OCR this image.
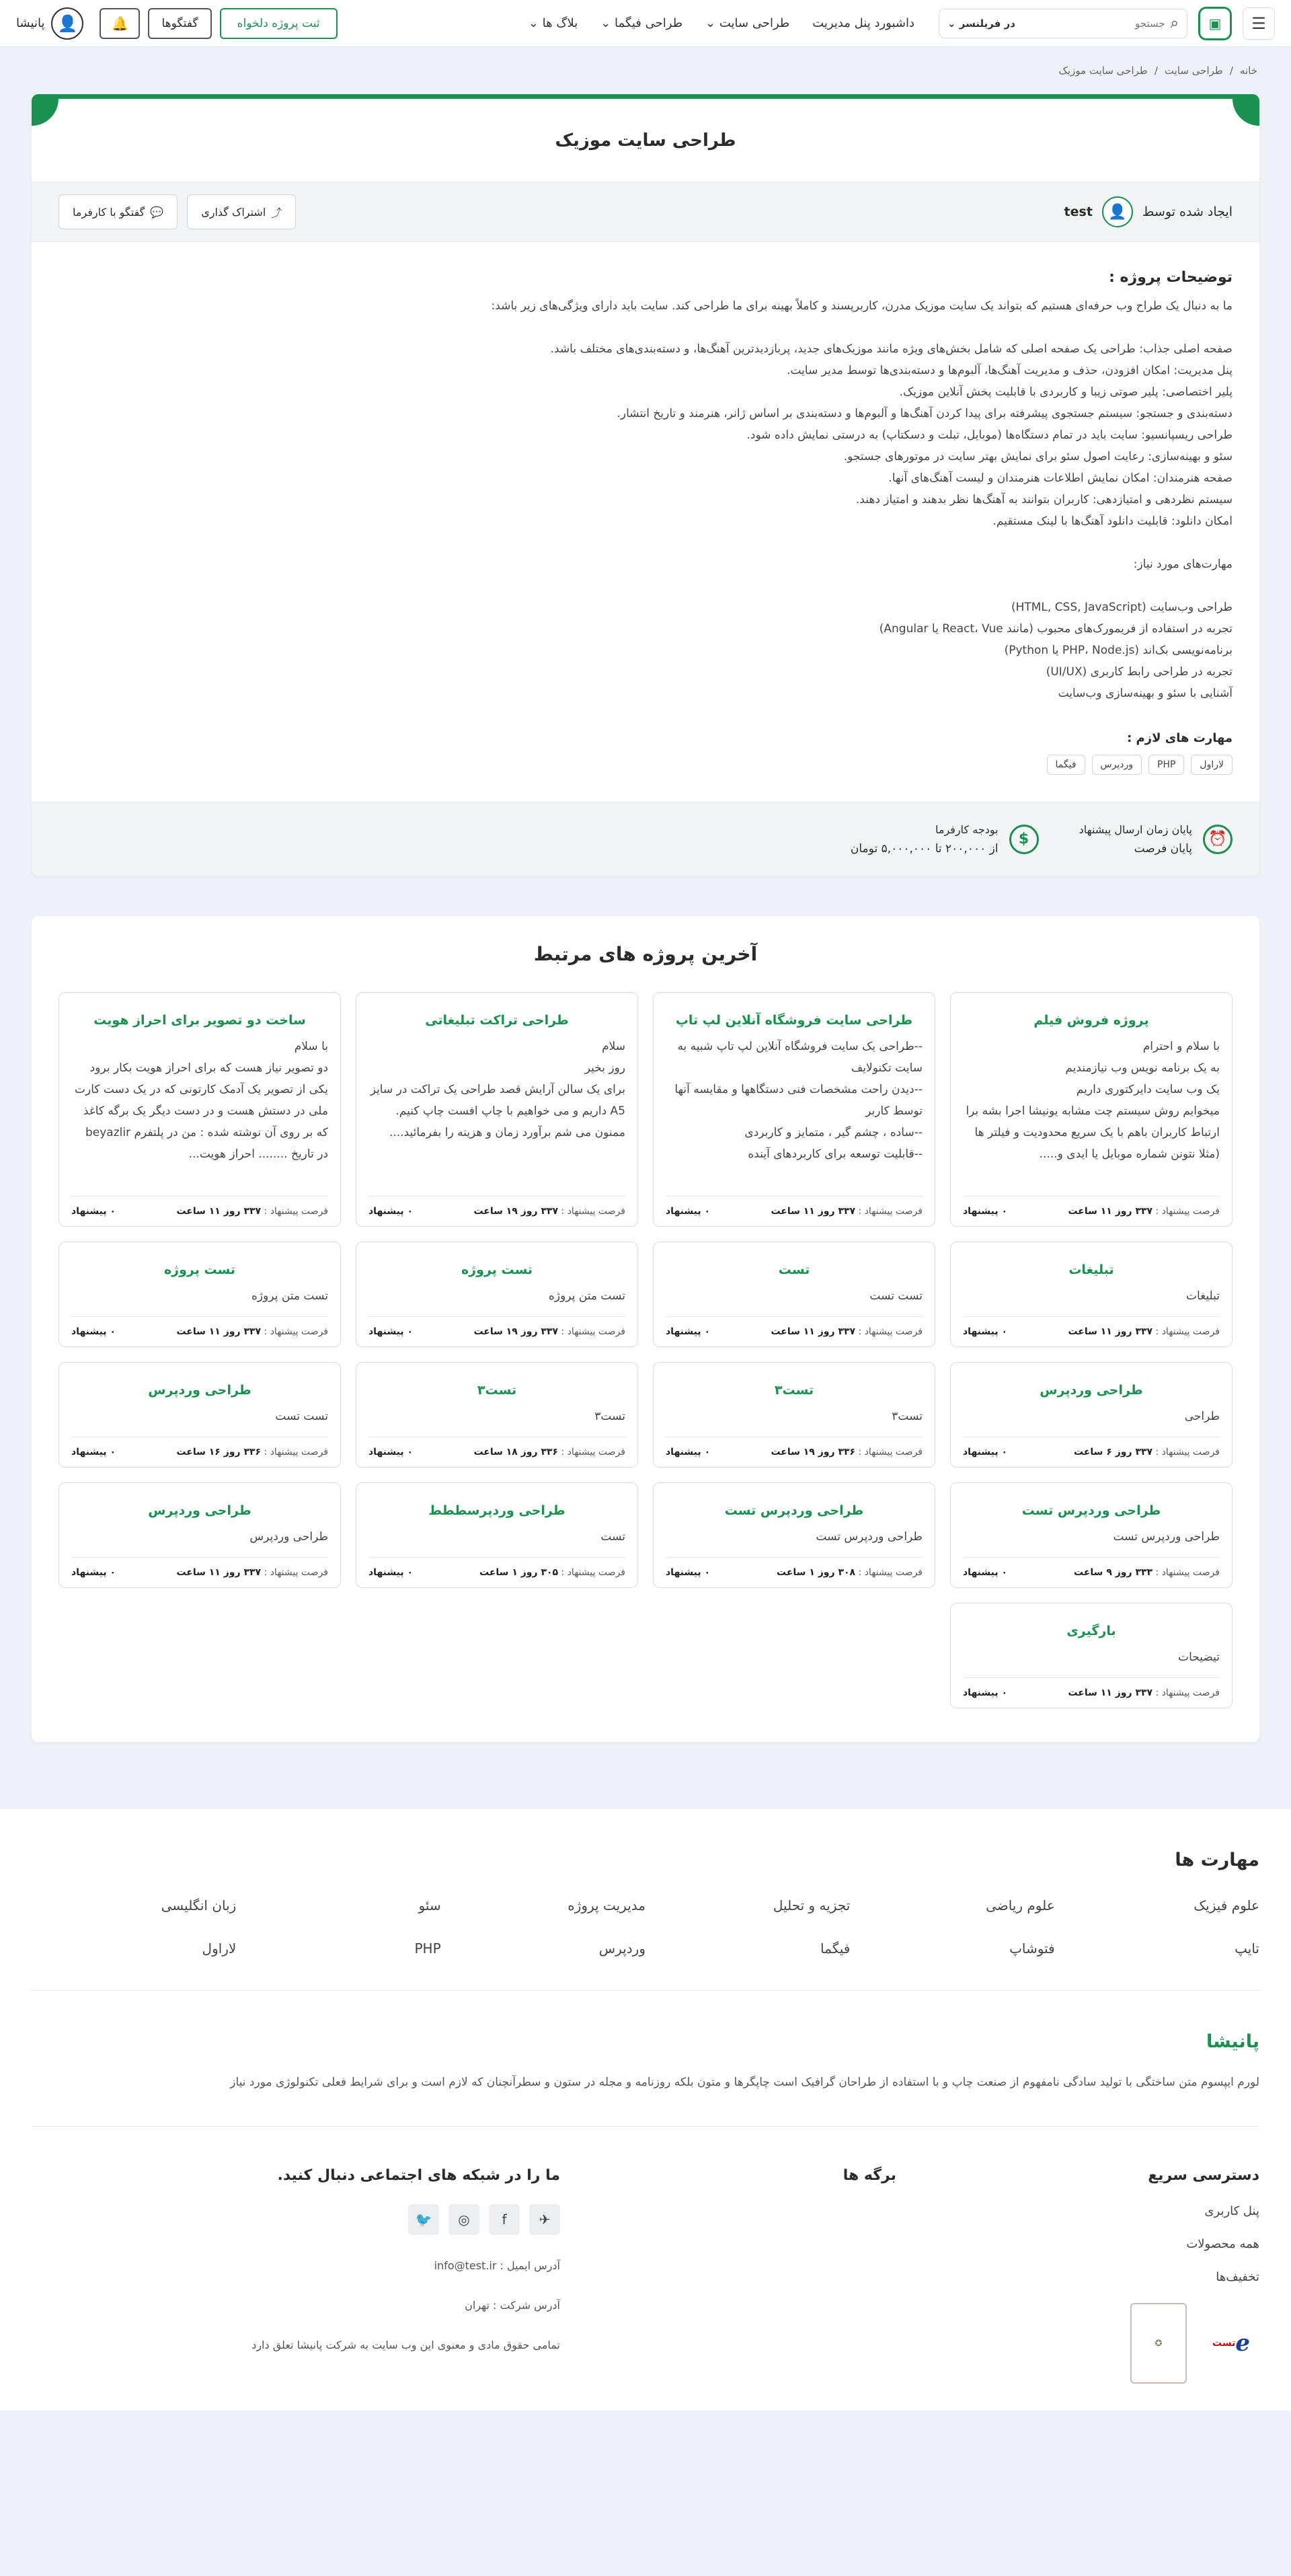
☰
▣
⌕
جستجو
در فریلنسر ⌄
داشبورد پنل مدیریت
طراحی سایت ⌄
طراحی فیگما ⌄
بلاگ ها ⌄
ثبت پروژه دلخواه
گفتگوها
🔔
👤
پانیشا
خانه
/
طراحی سایت
/
طراحی سایت موزیک
طراحی سایت موزیک
ایجاد شده توسط
👤
test
⤴
اشتراک گذاری
💬
گفتگو با کارفرما
توضیحات پروژه :

ما به دنبال یک طراح وب حرفه‌ای هستیم که بتواند یک سایت موزیک مدرن، کاربرپسند و کاملاً بهینه برای ما طراحی کند. سایت باید دارای ویژگی‌های زیر باشد:

صفحه اصلی جذاب: طراحی یک صفحه اصلی که شامل بخش‌های ویژه مانند موزیک‌های جدید، پربازدیدترین آهنگ‌ها، و دسته‌بندی‌های مختلف باشد.

پنل مدیریت: امکان افزودن، حذف و مدیریت آهنگ‌ها، آلبوم‌ها و دسته‌بندی‌ها توسط مدیر سایت.

پلیر اختصاصی: پلیر صوتی زیبا و کاربردی با قابلیت پخش آنلاین موزیک.

دسته‌بندی و جستجو: سیستم جستجوی پیشرفته برای پیدا کردن آهنگ‌ها و آلبوم‌ها و دسته‌بندی بر اساس ژانر، هنرمند و تاریخ انتشار.

طراحی ریسپانسیو: سایت باید در تمام دستگاه‌ها (موبایل، تبلت و دسکتاپ) به درستی نمایش داده شود.

سئو و بهینه‌سازی: رعایت اصول سئو برای نمایش بهتر سایت در موتورهای جستجو.

صفحه هنرمندان: امکان نمایش اطلاعات هنرمندان و لیست آهنگ‌های آنها.

سیستم نظردهی و امتیازدهی: کاربران بتوانند به آهنگ‌ها نظر بدهند و امتیاز دهند.

امکان دانلود: قابلیت دانلود آهنگ‌ها با لینک مستقیم.

مهارت‌های مورد نیاز:

طراحی وب‌سایت (HTML, CSS, JavaScript)

تجربه در استفاده از فریمورک‌های محبوب (مانند React، Vue یا Angular)

برنامه‌نویسی بک‌اند (PHP، Node.js یا Python)

تجربه در طراحی رابط کاربری (UI/UX)

آشنایی با سئو و بهینه‌سازی وب‌سایت

مهارت های لازم :
لاراول
PHP
وردپرس
فیگما
⏰
پایان زمان ارسال پیشنهاد
پایان فرصت
$
بودجه کارفرما
از ۲۰۰,۰۰۰ تا ۵,۰۰۰,۰۰۰ تومان
آخرین پروژه های مرتبط
پروژه فروش فیلم
با سلام و احترام
به یک برنامه نویس وب نیازمندیم
یک وب سایت دایرکتوری داریم
میخوایم روش سیستم چت مشابه یونیشا اجرا بشه برا ارتباط کاربران باهم با یک سریع محدودیت و فیلتر ها (مثلا نتونن شماره موبایل یا ایدی و.....
فرصت پیشنهاد : ۳۳۷ روز ۱۱ ساعت
۰ پیشنهاد
طراحی سایت فروشگاه آنلاین لپ تاپ
--طراحی یک سایت فروشگاه آنلاین لپ تاپ شبیه به سایت تکنولایف
--دیدن راحت مشخصات فنی دستگاهها و مقایسه آنها توسط کاربر
--ساده ، چشم گیر ، متمایز و کاربردی
--قابلیت توسعه برای کاربردهای آینده
فرصت پیشنهاد : ۳۳۷ روز ۱۱ ساعت
۰ پیشنهاد
طراحی تراکت تبلیغاتی
سلام
روز بخیر
برای یک سالن آرایش قصد طراحی یک تراکت در سایز A5 داریم و می خواهیم با چاپ افست چاپ کنیم.
ممنون می شم برآورد زمان و هزینه را بفرمائید....
فرصت پیشنهاد : ۳۳۷ روز ۱۹ ساعت
۰ پیشنهاد
ساخت دو تصویر برای احراز هویت
با سلام
دو تصویر نیاز هست که برای احراز هویت بکار برود یکی از تصویر یک آدمک کارتونی که در یک دست کارت ملی در دستش هست و در دست دیگر یک برگه کاغذ که بر روی آن نوشته شده : من در پلتفرم beyazlir در تاریخ ........ احراز هویت...
فرصت پیشنهاد : ۳۳۷ روز ۱۱ ساعت
۰ پیشنهاد
تبلیغات
تبلیغات
فرصت پیشنهاد : ۳۳۷ روز ۱۱ ساعت
۰ پیشنهاد
تست
تست تست
فرصت پیشنهاد : ۳۳۷ روز ۱۱ ساعت
۰ پیشنهاد
تست پروژه
تست متن پروژه
فرصت پیشنهاد : ۳۳۷ روز ۱۹ ساعت
۰ پیشنهاد
تست پروژه
تست متن پروژه
فرصت پیشنهاد : ۳۳۷ روز ۱۱ ساعت
۰ پیشنهاد
طراحی وردپرس
طراحی
فرصت پیشنهاد : ۳۳۷ روز ۶ ساعت
۰ پیشنهاد
تست۳
تست۳
فرصت پیشنهاد : ۳۳۶ روز ۱۹ ساعت
۰ پیشنهاد
تست۳
تست۳
فرصت پیشنهاد : ۳۳۶ روز ۱۸ ساعت
۰ پیشنهاد
طراحی وردپرس
تست تست
فرصت پیشنهاد : ۳۳۶ روز ۱۶ ساعت
۰ پیشنهاد
طراحی وردپرس تست
طراحی وردپرس تست
فرصت پیشنهاد : ۳۳۳ روز ۹ ساعت
۰ پیشنهاد
طراحی وردپرس تست
طراحی وردپرس تست
فرصت پیشنهاد : ۳۰۸ روز ۱ ساعت
۰ پیشنهاد
طراحی وردپرسططط
تست
فرصت پیشنهاد : ۳۰۵ روز ۱ ساعت
۰ پیشنهاد
طراحی وردپرس
طراحی وردپرس
فرصت پیشنهاد : ۳۳۷ روز ۱۱ ساعت
۰ پیشنهاد
بارگیری
تیضیحات
فرصت پیشنهاد : ۳۳۷ روز ۱۱ ساعت
۰ پیشنهاد
مهارت ها
علوم فیزیک
علوم ریاضی
تجزیه و تحلیل
مدیریت پروژه
سئو
زبان انگلیسی
تایپ
فتوشاپ
فیگما
وردپرس
PHP
لاراول
پانیشا

لورم ایپسوم متن ساختگی با تولید سادگی نامفهوم از صنعت چاپ و با استفاده از طراحان گرافیک است چاپگرها و متون بلکه روزنامه و مجله در ستون و سطرآنچنان که لازم است و برای شرایط فعلی تکنولوژی مورد نیاز

دسترسی سریع
پنل کاربری
همه محصولات
تخفیف‌ها
ℯ

تست
✪
برگه ها
ما را در شبکه های اجتماعی دنبال کنید.
✈
f
◎
🐦
آدرس ایمیل : info@test.ir
آدرس شرکت : تهران
تمامی حقوق مادی و معنوی این وب سایت به شرکت پانیشا تعلق دارد
